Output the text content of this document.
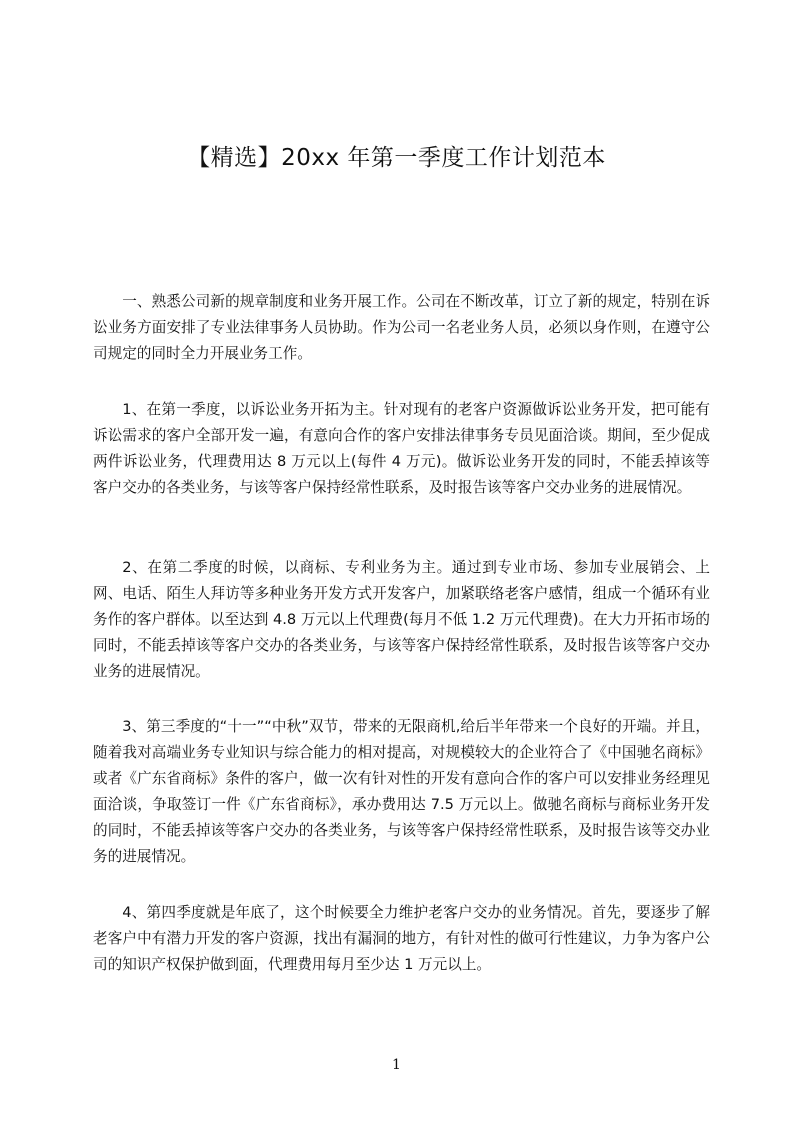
【精选】20xx 年第一季度工作计划范本

一、熟悉公司新的规章制度和业务开展工作。公司在不断改革，订立了新的规定，特别在诉讼业务方面安排了专业法律事务人员协助。作为公司一名老业务人员，必须以身作则，在遵守公司规定的同时全力开展业务工作。

1、在第一季度，以诉讼业务开拓为主。针对现有的老客户资源做诉讼业务开发，把可能有诉讼需求的客户全部开发一遍，有意向合作的客户安排法律事务专员见面洽谈。期间，至少促成两件诉讼业务，代理费用达 8 万元以上(每件 4 万元)。做诉讼业务开发的同时，不能丢掉该等客户交办的各类业务，与该等客户保持经常性联系，及时报告该等客户交办业务的进展情况。

2、在第二季度的时候，以商标、专利业务为主。通过到专业市场、参加专业展销会、上网、电话、陌生人拜访等多种业务开发方式开发客户，加紧联络老客户感情，组成一个循环有业务作的客户群体。以至达到 4.8 万元以上代理费(每月不低 1.2 万元代理费)。在大力开拓市场的同时，不能丢掉该等客户交办的各类业务，与该等客户保持经常性联系，及时报告该等客户交办业务的进展情况。

3、第三季度的“十一”“中秋”双节，带来的无限商机,给后半年带来一个良好的开端。并且，随着我对高端业务专业知识与综合能力的相对提高，对规模较大的企业符合了《中国驰名商标》或者《广东省商标》条件的客户，做一次有针对性的开发有意向合作的客户可以安排业务经理见面洽谈，争取签订一件《广东省商标》，承办费用达 7.5 万元以上。做驰名商标与商标业务开发的同时，不能丢掉该等客户交办的各类业务，与该等客户保持经常性联系，及时报告该等交办业务的进展情况。

4、第四季度就是年底了，这个时候要全力维护老客户交办的业务情况。首先，要逐步了解老客户中有潜力开发的客户资源，找出有漏洞的地方，有针对性的做可行性建议，力争为客户公司的知识产权保护做到面，代理费用每月至少达 1 万元以上。

1
